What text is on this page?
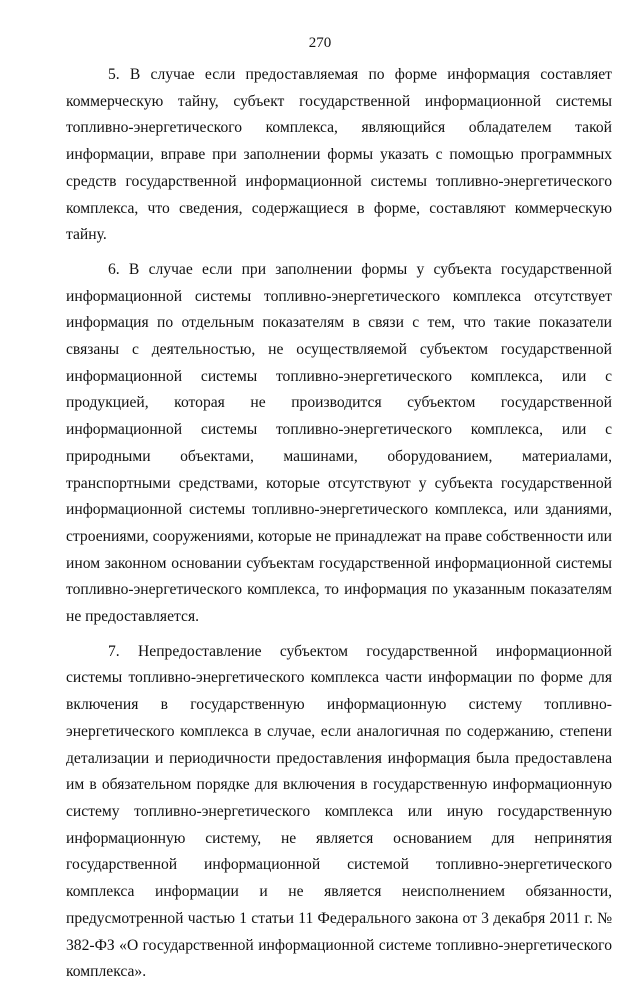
270

5. В случае если предоставляемая по форме информация составляет коммерческую тайну, субъект государственной информационной системы топливно-энергетического комплекса, являющийся обладателем такой информации, вправе при заполнении формы указать с помощью программных средств государственной информационной системы топливно-энергетического комплекса, что сведения, содержащиеся в форме, составляют коммерческую тайну.

6. В случае если при заполнении формы у субъекта государственной информационной системы топливно-энергетического комплекса отсутствует информация по отдельным показателям в связи с тем, что такие показатели связаны с деятельностью, не осуществляемой субъектом государственной информационной системы топливно-энергетического комплекса, или с продукцией, которая не производится субъектом государственной информационной системы топливно-энергетического комплекса, или с природными объектами, машинами, оборудованием, материалами, транспортными средствами, которые отсутствуют у субъекта государственной информационной системы топливно-энергетического комплекса, или зданиями, строениями, сооружениями, которые не принадлежат на праве собственности или ином законном основании субъектам государственной информационной системы топливно-энергетического комплекса, то информация по указанным показателям не предоставляется.

7. Непредоставление субъектом государственной информационной системы топливно-энергетического комплекса части информации по форме для включения в государственную информационную систему топливно-энергетического комплекса в случае, если аналогичная по содержанию, степени детализации и периодичности предоставления информация была предоставлена им в обязательном порядке для включения в государственную информационную систему топливно-энергетического комплекса или иную государственную информационную систему, не является основанием для непринятия государственной информационной системой топливно-энергетического комплекса информации и не является неисполнением обязанности, предусмотренной частью 1 статьи 11 Федерального закона от 3 декабря 2011 г. № 382-ФЗ «О государственной информационной системе топливно-энергетического комплекса».
